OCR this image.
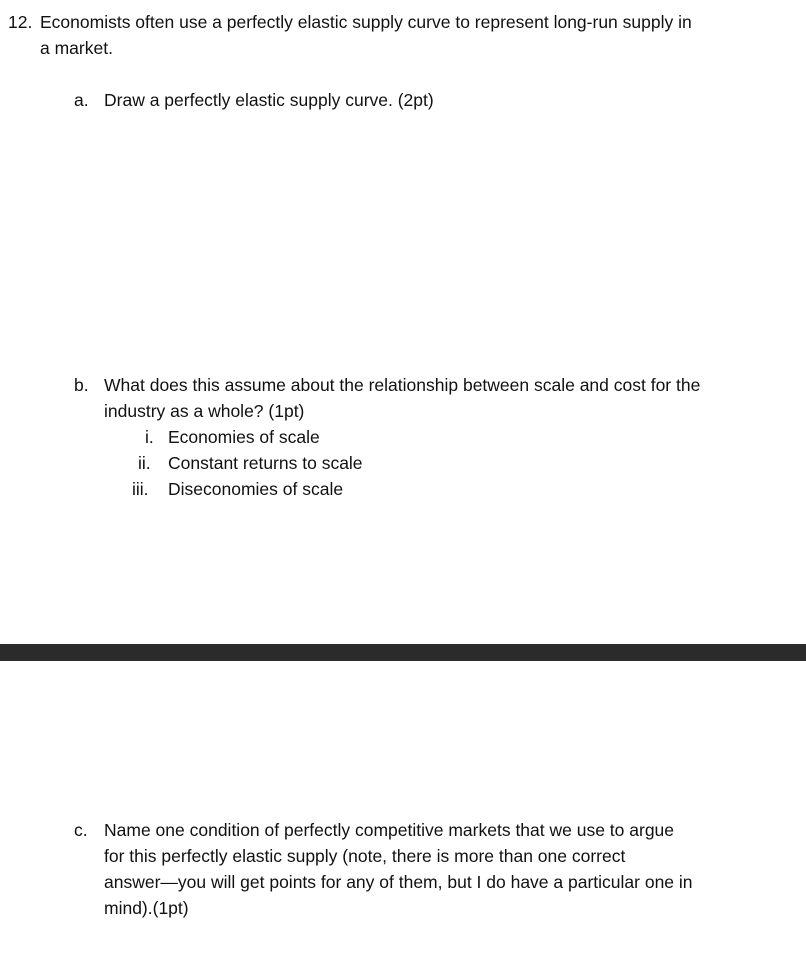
12. Economists often use a perfectly elastic supply curve to represent long-run supply in
a market.
a. Draw a perfectly elastic supply curve. (2pt)
b. What does this assume about the relationship between scale and cost for the
industry as a whole? (1pt)
i. Economies of scale
ii. Constant returns to scale
iii. Diseconomies of scale
c. Name one condition of perfectly competitive markets that we use to argue
for this perfectly elastic supply (note, there is more than one correct
answer—you will get points for any of them, but I do have a particular one in
mind).(1pt)
